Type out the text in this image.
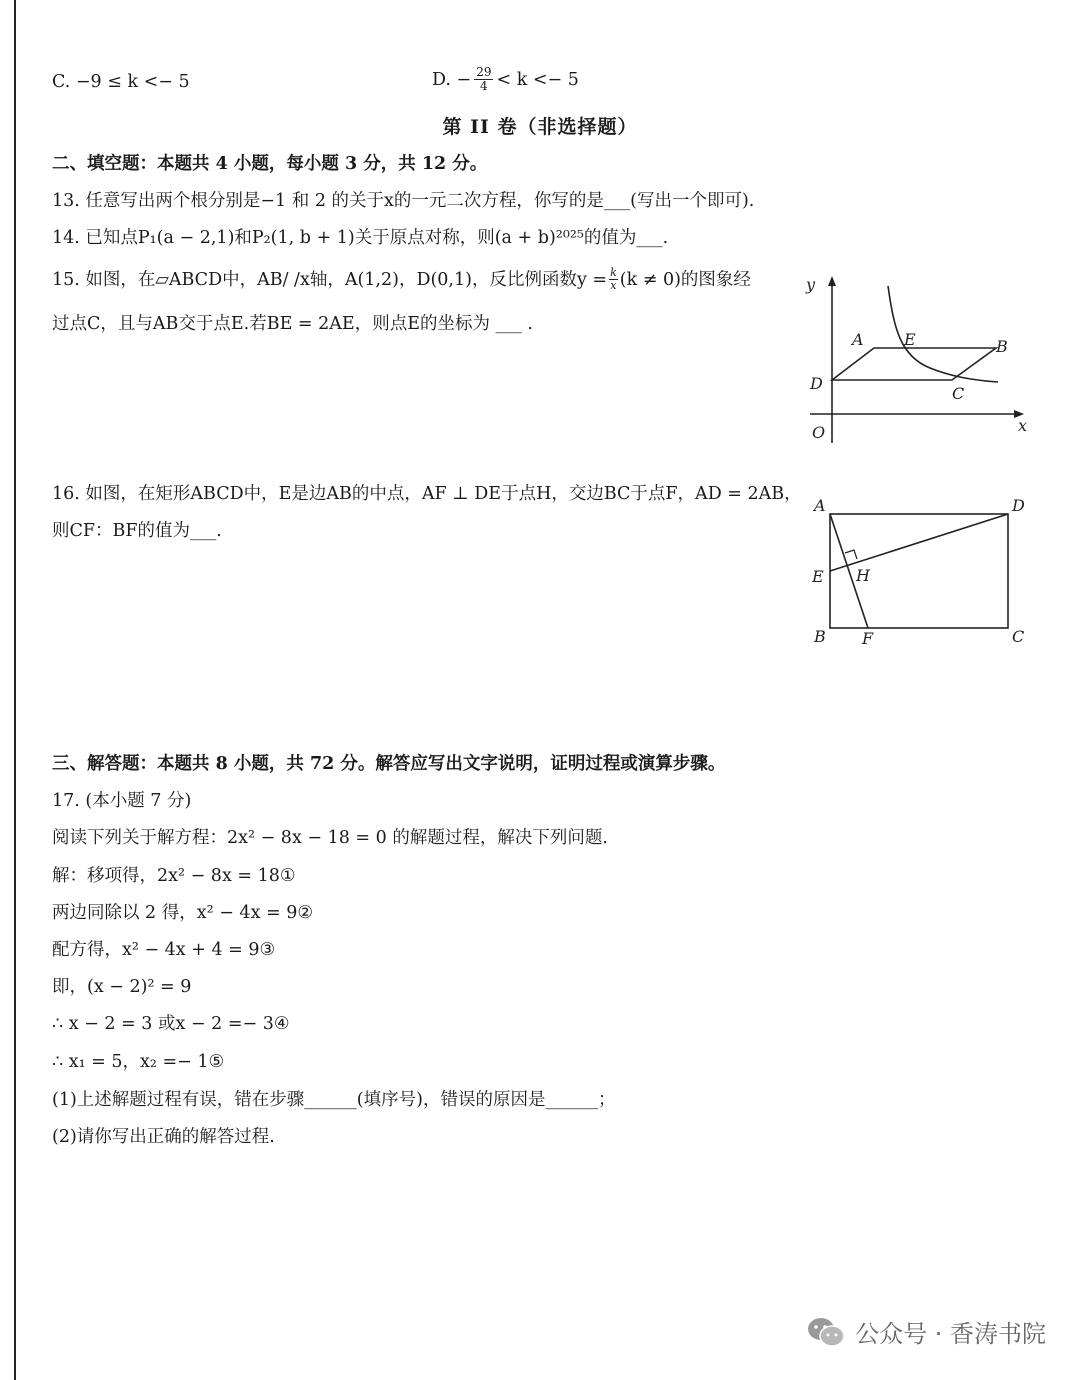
C. −9 ≤ k <− 5	D. − $\frac{29}{4} < k <- 5$
第 II 卷（非选择题）
二、填空题：本题共 4 小题，每小题 3 分，共 12 分。
13. 任意写出两个根分别是−1 和 2 的关于x的一元二次方程，你写的是___(写出一个即可).
14. 已知点P₁(a − 2,1)和P₂(1, b + 1)关于原点对称，则(a + b)²⁰²⁵的值为___.
15. 如图，在▱ABCD中，AB/ /x轴，A(1,2)，D(0,1)，反比例函数$y = \frac{k}{x} (k \ne 0)$的图象经
过点C，且与AB交于点E.若BE = 2AE，则点E的坐标为 ___ .
y
x
O
A	E	B
D
C
16. 如图，在矩形ABCD中，E是边AB的中点，AF ⊥ DE于点H，交边BC于点F，AD = 2AB，
则CF：BF的值为___.
A	D
E H
B F	C
三、解答题：本题共 8 小题，共 72 分。解答应写出文字说明，证明过程或演算步骤。
17. (本小题 7 分)
阅读下列关于解方程：2x² − 8x − 18 = 0 的解题过程，解决下列问题.
解：移项得，2x² − 8x = 18①
两边同除以 2 得，x² − 4x = 9②
配方得，x² − 4x + 4 = 9③
即，(x − 2)² = 9
∴ x − 2 = 3 或x − 2 =− 3④
∴ x₁ = 5，x₂ =− 1⑤
(1)上述解题过程有误，错在步骤______(填序号)，错误的原因是______；
(2)请你写出正确的解答过程.
公众号 · 香涛书院
